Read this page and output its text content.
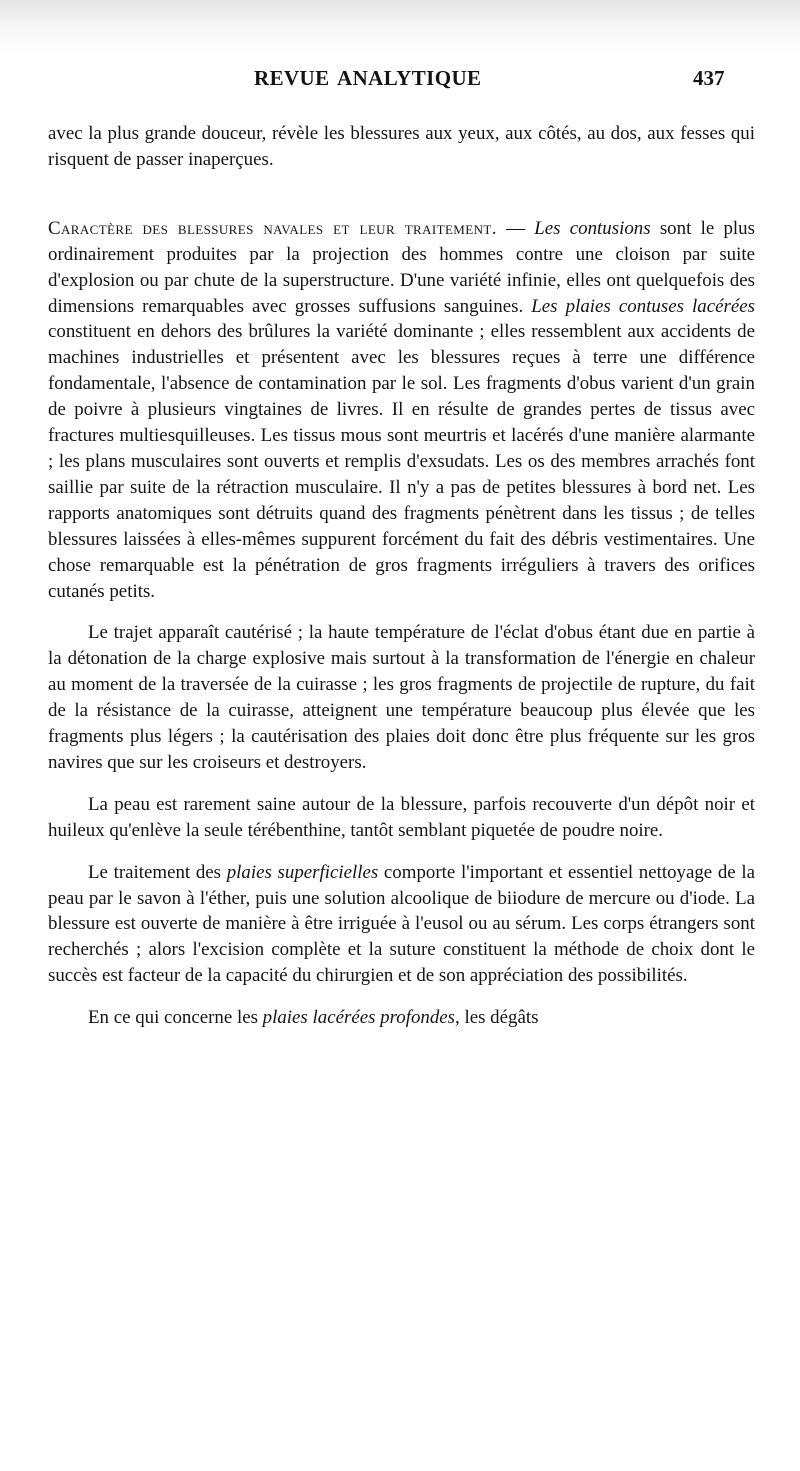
REVUE ANALYTIQUE	437

avec la plus grande douceur, révèle les blessures aux yeux, aux côtés, au dos, aux fesses qui risquent de passer inaperçues.

Caractère des blessures navales et leur traitement. — Les contusions sont le plus ordinairement produites par la projection des hommes contre une cloison par suite d'explosion ou par chute de la superstructure. D'une variété infinie, elles ont quelquefois des dimensions remarquables avec grosses suffusions sanguines. Les plaies contuses lacérées constituent en dehors des brûlures la variété dominante ; elles ressemblent aux accidents de machines industrielles et présentent avec les blessures reçues à terre une différence fondamentale, l'absence de contamination par le sol. Les fragments d'obus varient d'un grain de poivre à plusieurs vingtaines de livres. Il en résulte de grandes pertes de tissus avec fractures multiesquilleuses. Les tissus mous sont meurtris et lacérés d'une manière alarmante ; les plans musculaires sont ouverts et remplis d'exsudats. Les os des membres arrachés font saillie par suite de la rétraction musculaire. Il n'y a pas de petites blessures à bord net. Les rapports anatomiques sont détruits quand des fragments pénètrent dans les tissus ; de telles blessures laissées à elles-mêmes suppurent forcément du fait des débris vestimentaires. Une chose remarquable est la pénétration de gros fragments irréguliers à travers des orifices cutanés petits.

Le trajet apparaît cautérisé ; la haute température de l'éclat d'obus étant due en partie à la détonation de la charge explosive mais surtout à la transformation de l'énergie en chaleur au moment de la traversée de la cuirasse ; les gros fragments de projectile de rupture, du fait de la résistance de la cuirasse, atteignent une température beaucoup plus élevée que les fragments plus légers ; la cautérisation des plaies doit donc être plus fréquente sur les gros navires que sur les croiseurs et destroyers.

La peau est rarement saine autour de la blessure, parfois recouverte d'un dépôt noir et huileux qu'enlève la seule térébenthine, tantôt semblant piquetée de poudre noire.

Le traitement des plaies superficielles comporte l'important et essentiel nettoyage de la peau par le savon à l'éther, puis une solution alcoolique de biiodure de mercure ou d'iode. La blessure est ouverte de manière à être irriguée à l'eusol ou au sérum. Les corps étrangers sont recherchés ; alors l'excision complète et la suture constituent la méthode de choix dont le succès est facteur de la capacité du chirurgien et de son appréciation des possibilités.

En ce qui concerne les plaies lacérées profondes, les dégâts
